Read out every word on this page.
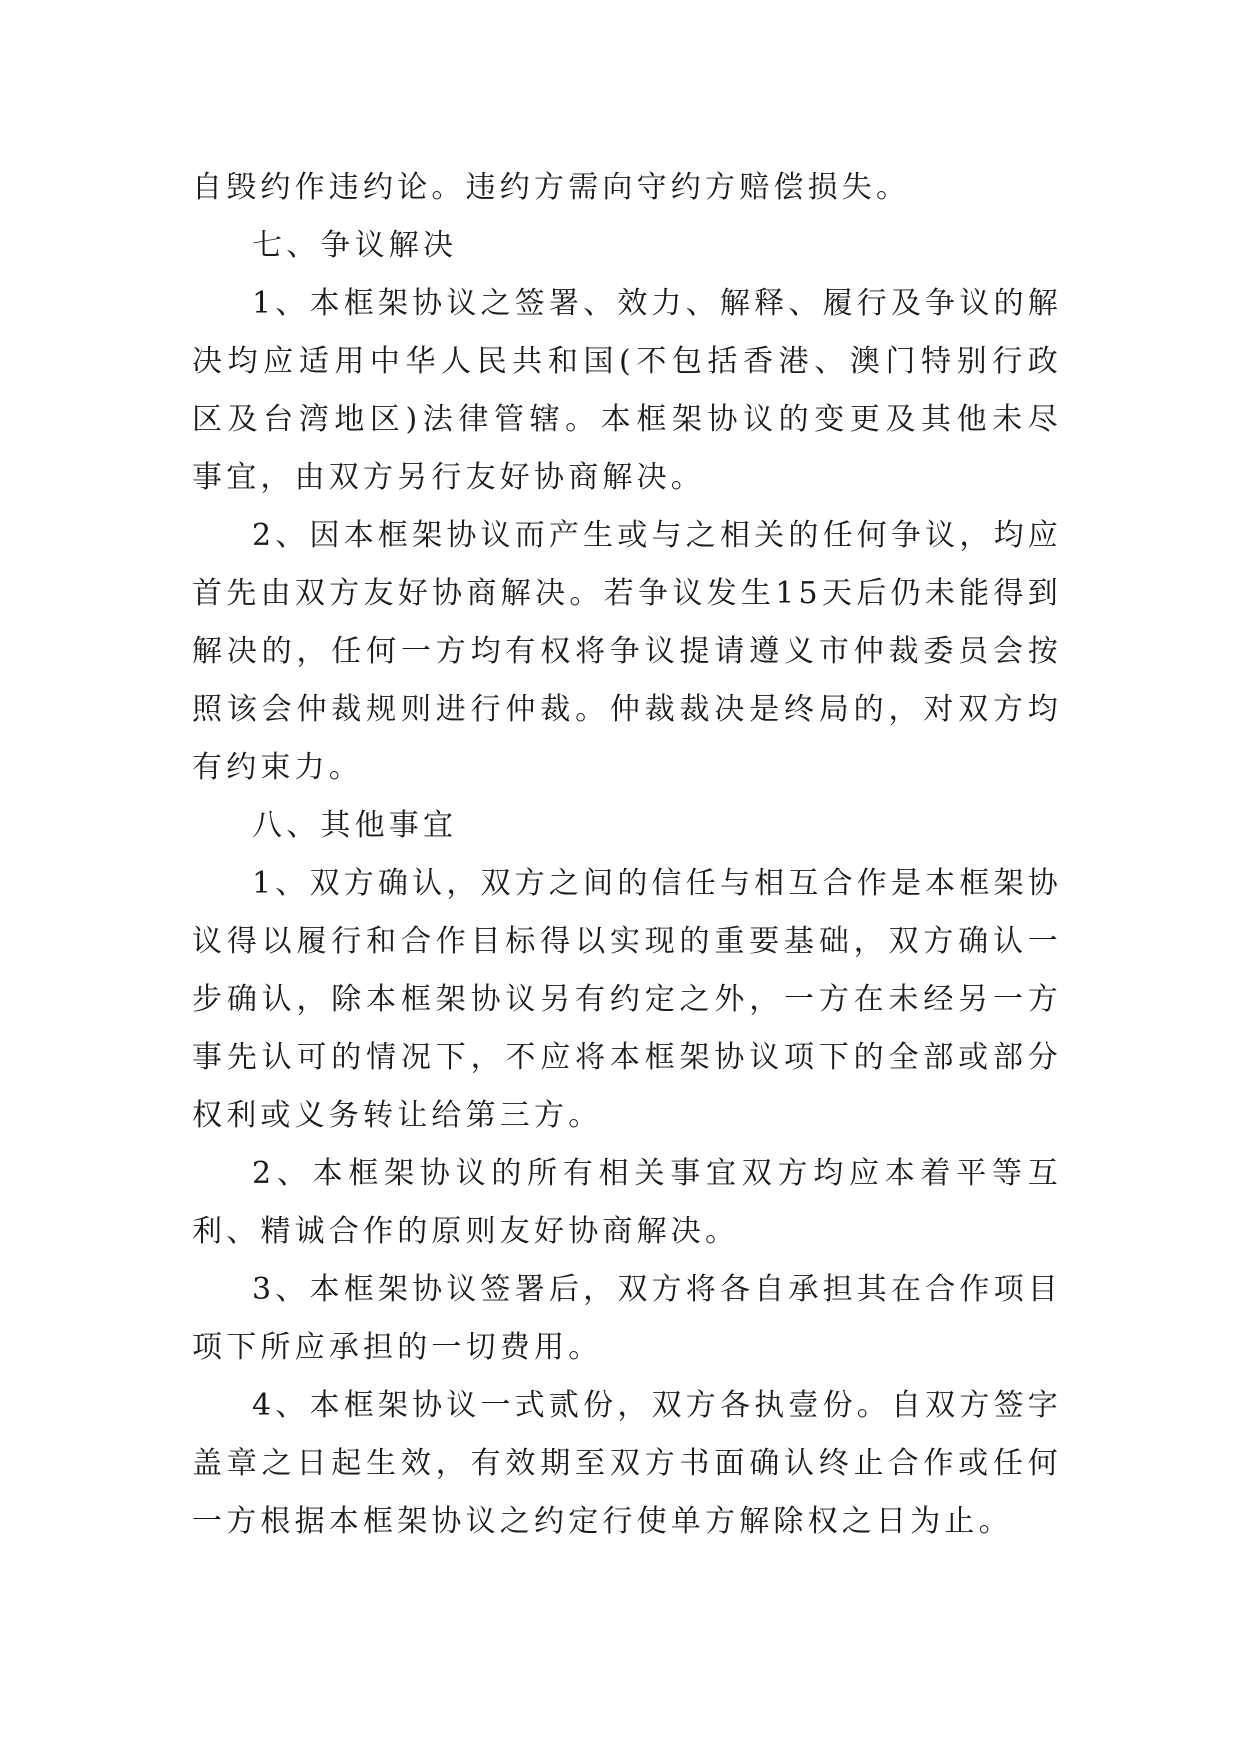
自毁约作违约论。违约方需向守约方赔偿损失。

七、争议解决

1、本框架协议之签署、效力、解释、履行及争议的解决均应适用中华人民共和国(不包括香港、澳门特别行政区及台湾地区)法律管辖。本框架协议的变更及其他未尽事宜，由双方另行友好协商解决。

2、因本框架协议而产生或与之相关的任何争议，均应首先由双方友好协商解决。若争议发生15天后仍未能得到解决的，任何一方均有权将争议提请遵义市仲裁委员会按照该会仲裁规则进行仲裁。仲裁裁决是终局的，对双方均有约束力。

八、其他事宜

1、双方确认，双方之间的信任与相互合作是本框架协议得以履行和合作目标得以实现的重要基础，双方确认一步确认，除本框架协议另有约定之外，一方在未经另一方事先认可的情况下，不应将本框架协议项下的全部或部分权利或义务转让给第三方。

2、本框架协议的所有相关事宜双方均应本着平等互利、精诚合作的原则友好协商解决。

3、本框架协议签署后，双方将各自承担其在合作项目项下所应承担的一切费用。

4、本框架协议一式贰份，双方各执壹份。自双方签字盖章之日起生效，有效期至双方书面确认终止合作或任何一方根据本框架协议之约定行使单方解除权之日为止。
